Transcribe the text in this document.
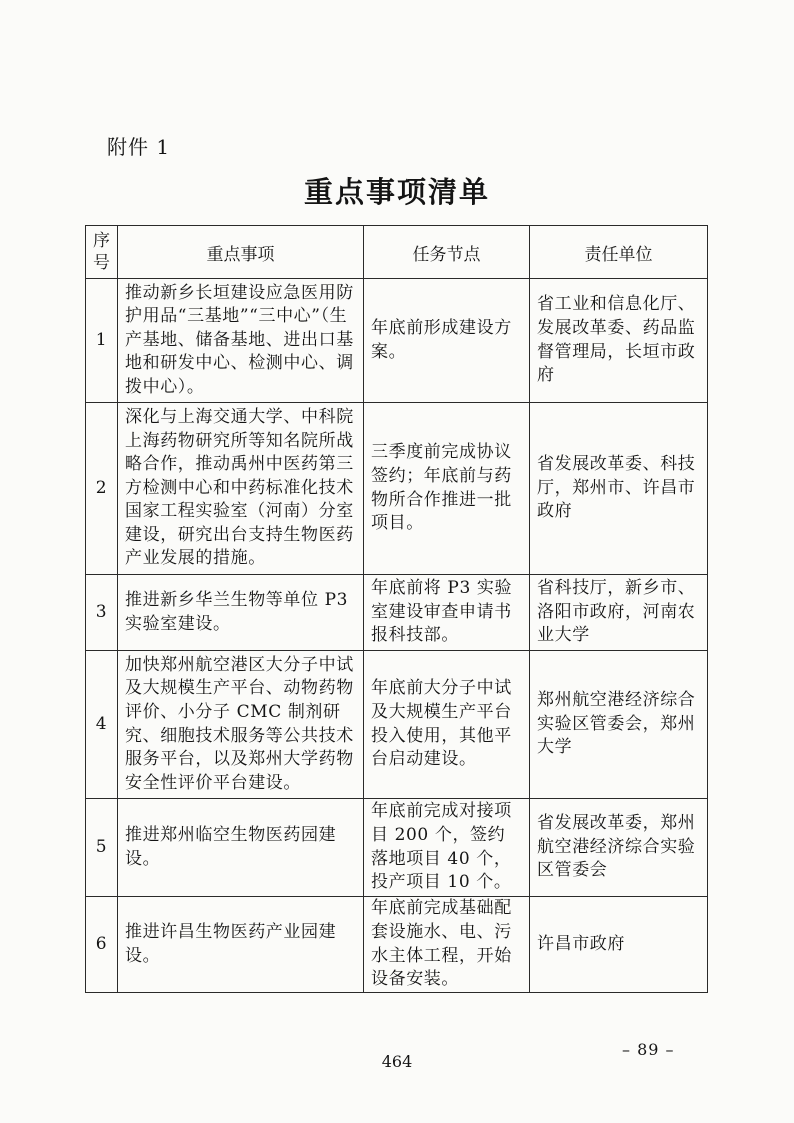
附件 1
重点事项清单
序号	重点事项	任务节点	责任单位
1	推动新乡长垣建设应急医用防护用品“三基地”“三中心”（生产基地、储备基地、进出口基地和研发中心、检测中心、调拨中心）。	年底前形成建设方案。	省工业和信息化厅、发展改革委、药品监督管理局，长垣市政府
2	深化与上海交通大学、中科院上海药物研究所等知名院所战略合作，推动禹州中医药第三方检测中心和中药标准化技术国家工程实验室（河南）分室建设，研究出台支持生物医药产业发展的措施。	三季度前完成协议签约；年底前与药物所合作推进一批项目。	省发展改革委、科技厅，郑州市、许昌市政府
3	推进新乡华兰生物等单位 P3 实验室建设。	年底前将 P3 实验室建设审查申请书报科技部。	省科技厅，新乡市、洛阳市政府，河南农业大学
4	加快郑州航空港区大分子中试及大规模生产平台、动物药物评价、小分子 CMC 制剂研究、细胞技术服务等公共技术服务平台，以及郑州大学药物安全性评价平台建设。	年底前大分子中试及大规模生产平台投入使用，其他平台启动建设。	郑州航空港经济综合实验区管委会，郑州大学
5	推进郑州临空生物医药园建设。	年底前完成对接项目 200 个，签约落地项目 40 个，投产项目 10 个。	省发展改革委，郑州航空港经济综合实验区管委会
6	推进许昌生物医药产业园建设。	年底前完成基础配套设施水、电、污水主体工程，开始设备安装。	许昌市政府
– 89 –
464
